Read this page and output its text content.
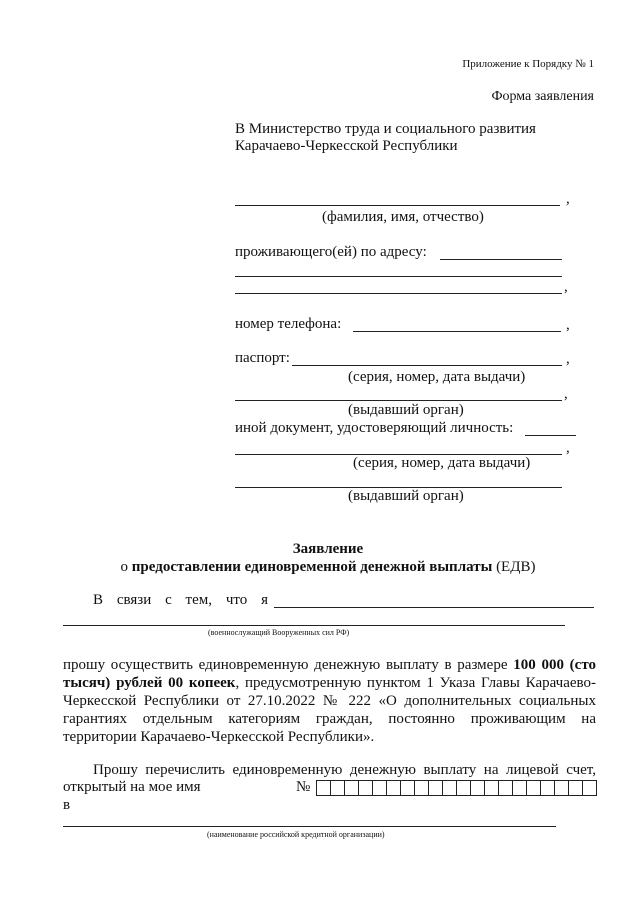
Приложение к Порядку № 1
Форма заявления
В Министерство труда и социального развития
Карачаево-Черкесской Республики
,
(фамилия, имя, отчество)
проживающего(ей) по адресу:
,
номер телефона:	,
паспорт:	,
(серия, номер, дата выдачи)
,
(выдавший орган)
иной документ, удостоверяющий личность:
,
(серия, номер, дата выдачи)
(выдавший орган)
Заявление
о предоставлении единовременной денежной выплаты (ЕДВ)
В связи с тем, что я
(военнослужащий Вооруженных сил РФ)
прошу осуществить единовременную денежную выплату в размере 100 000 (сто тысяч) рублей 00 копеек, предусмотренную пунктом 1 Указа Главы Карачаево-Черкесской Республики от 27.10.2022 № 222 «О дополнительных социальных гарантиях отдельным категориям граждан, постоянно проживающим на территории Карачаево-Черкесской Республики».
Прошу перечислить единовременную денежную выплату на лицевой счет,
открытый на мое имя	№
в
(наименование российской кредитной организации)
